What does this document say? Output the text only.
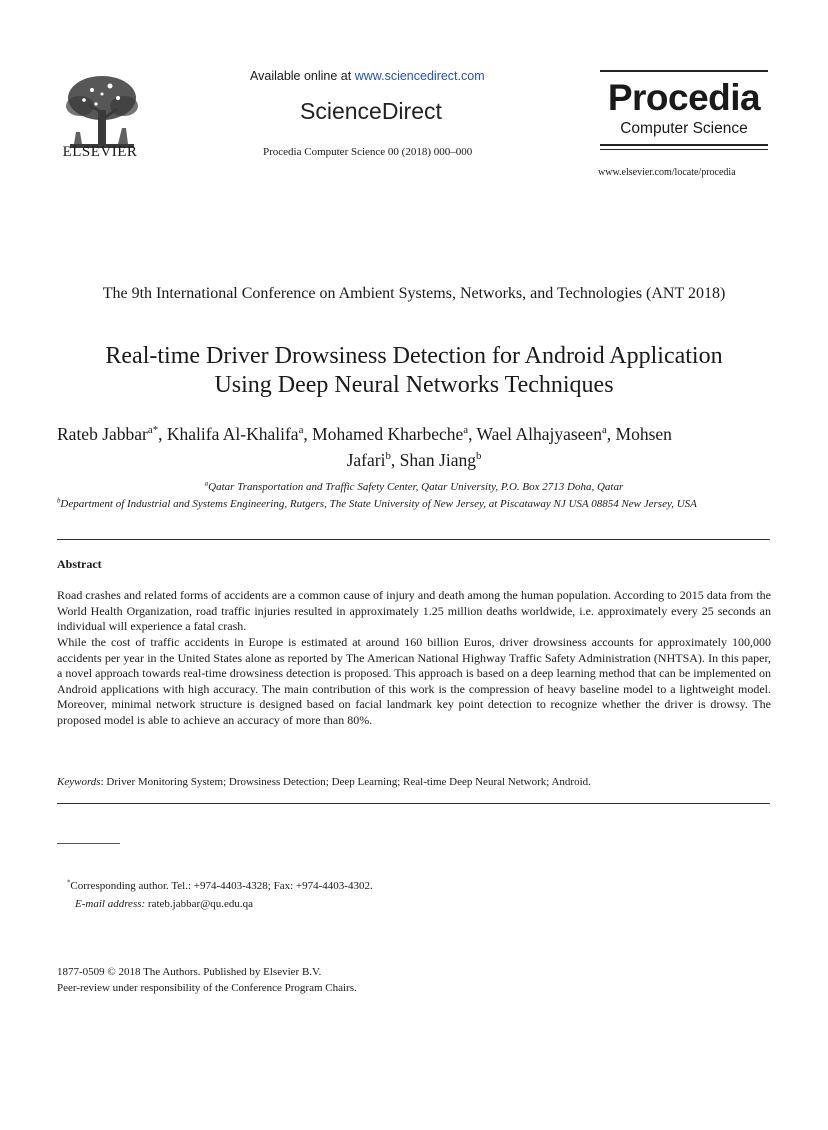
ELSEVIER
Available online at www.sciencedirect.com
ScienceDirect
Procedia Computer Science 00 (2018) 000–000
Procedia
Computer Science
www.elsevier.com/locate/procedia
The 9th International Conference on Ambient Systems, Networks, and Technologies (ANT 2018)
Real-time Driver Drowsiness Detection for Android Application
Using Deep Neural Networks Techniques
Rateb Jabbar$^{a*}$, Khalifa Al-Khalifa$^a$, Mohamed Kharbeche$^a$, Wael Alhajyaseen$^a$, Mohsen
Jafari$^b$, Shan Jiang$^b$
$^a$Qatar Transportation and Traffic Safety Center, Qatar University, P.O. Box 2713 Doha, Qatar
$^b$Department of Industrial and Systems Engineering, Rutgers, The State University of New Jersey, at Piscataway NJ USA 08854 New Jersey, USA
Abstract
Road crashes and related forms of accidents are a common cause of injury and death among the human population. According to 2015 data from the World Health Organization, road traffic injuries resulted in approximately 1.25 million deaths worldwide, i.e. approximately every 25 seconds an individual will experience a fatal crash.
While the cost of traffic accidents in Europe is estimated at around 160 billion Euros, driver drowsiness accounts for approximately 100,000 accidents per year in the United States alone as reported by The American National Highway Traffic Safety Administration (NHTSA). In this paper, a novel approach towards real-time drowsiness detection is proposed. This approach is based on a deep learning method that can be implemented on Android applications with high accuracy. The main contribution of this work is the compression of heavy baseline model to a lightweight model. Moreover, minimal network structure is designed based on facial landmark key point detection to recognize whether the driver is drowsy. The proposed model is able to achieve an accuracy of more than 80%.
Keywords: Driver Monitoring System; Drowsiness Detection; Deep Learning; Real-time Deep Neural Network; Android.
*Corresponding author. Tel.: +974-4403-4328; Fax: +974-4403-4302.
E-mail address: rateb.jabbar@qu.edu.qa
1877-0509 © 2018 The Authors. Published by Elsevier B.V.
Peer-review under responsibility of the Conference Program Chairs.
